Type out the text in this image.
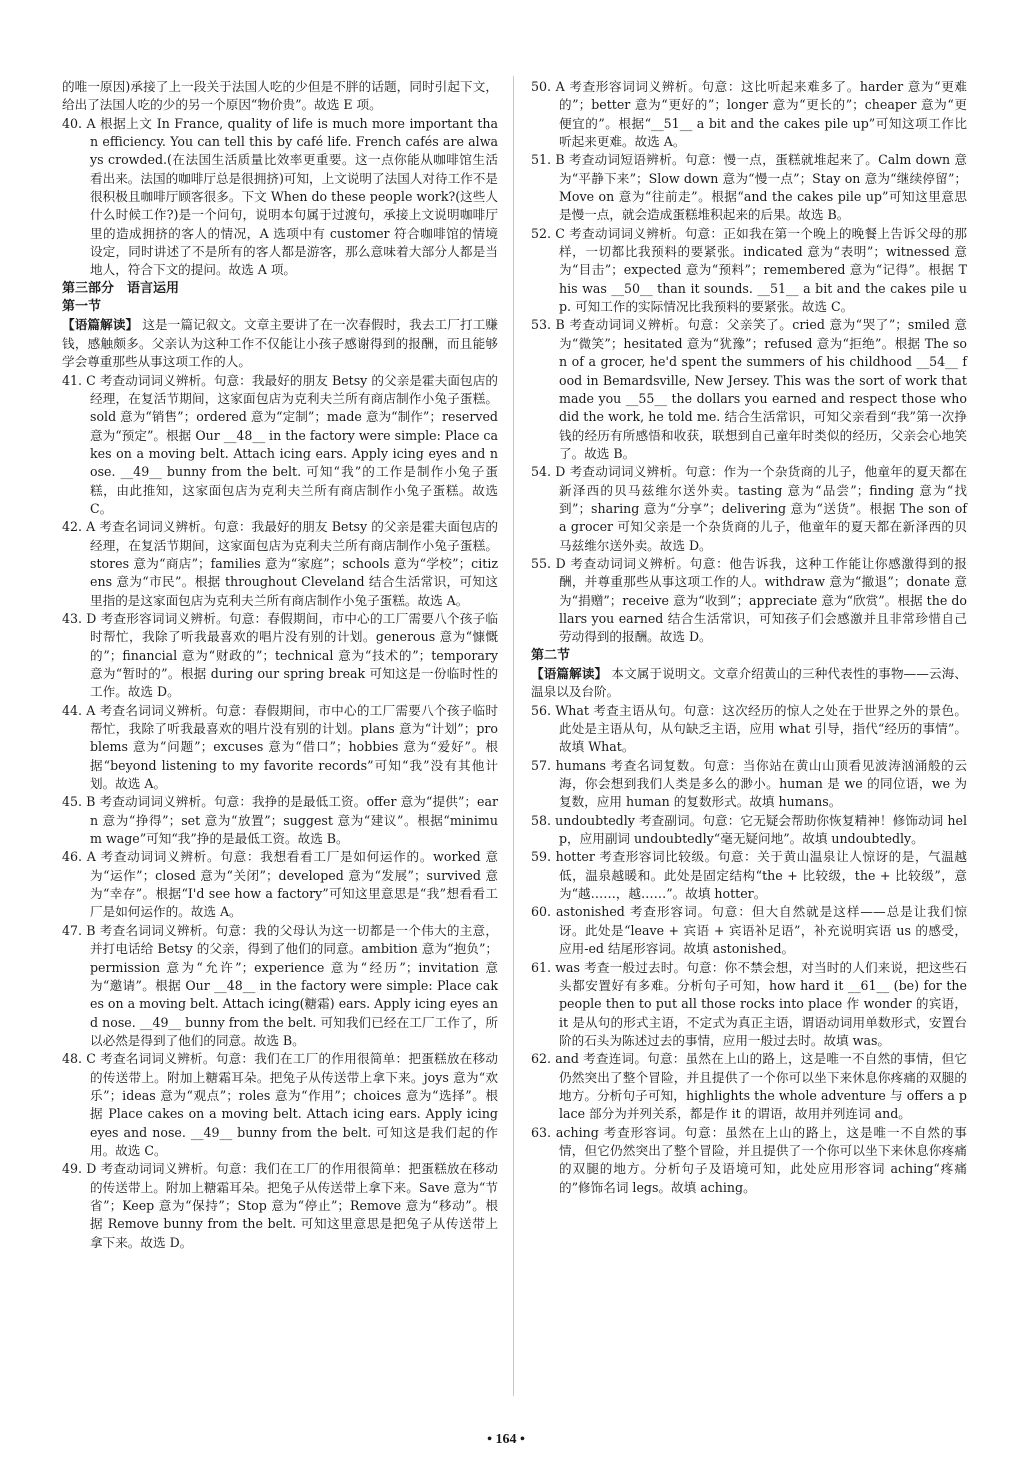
的唯一原因)承接了上一段关于法国人吃的少但是不胖的话题，同时引起下文，给出了法国人吃的少的另一个原因“物价贵”。故选 E 项。

40. A 根据上文 In France, quality of life is much more important than efficiency. You can tell this by café life. French cafés are always crowded.(在法国生活质量比效率更重要。这一点你能从咖啡馆生活看出来。法国的咖啡厅总是很拥挤)可知，上文说明了法国人对待工作不是很积极且咖啡厅顾客很多。下文 When do these people work?(这些人什么时候工作?)是一个问句，说明本句属于过渡句，承接上文说明咖啡厅里的造成拥挤的客人的情况，A 选项中有 customer 符合咖啡馆的情境设定，同时讲述了不是所有的客人都是游客，那么意味着大部分人都是当地人，符合下文的提问。故选 A 项。

第三部分　语言运用

第一节

【语篇解读】 这是一篇记叙文。文章主要讲了在一次春假时，我去工厂打工赚钱，感触颇多。父亲认为这种工作不仅能让小孩子感谢得到的报酬，而且能够学会尊重那些从事这项工作的人。

41. C 考查动词词义辨析。句意：我最好的朋友 Betsy 的父亲是霍夫面包店的经理，在复活节期间，这家面包店为克利夫兰所有商店制作小兔子蛋糕。sold 意为“销售”；ordered 意为“定制”；made 意为“制作”；reserved 意为“预定”。根据 Our __48__ in the factory were simple: Place cakes on a moving belt. Attach icing ears. Apply icing eyes and nose. __49__ bunny from the belt. 可知“我”的工作是制作小兔子蛋糕，由此推知，这家面包店为克利夫兰所有商店制作小兔子蛋糕。故选 C。

42. A 考查名词词义辨析。句意：我最好的朋友 Betsy 的父亲是霍夫面包店的经理，在复活节期间，这家面包店为克利夫兰所有商店制作小兔子蛋糕。stores 意为“商店”；families 意为“家庭”；schools 意为“学校”；citizens 意为“市民”。根据 throughout Cleveland 结合生活常识，可知这里指的是这家面包店为克利夫兰所有商店制作小兔子蛋糕。故选 A。

43. D 考查形容词词义辨析。句意：春假期间，市中心的工厂需要八个孩子临时帮忙，我除了听我最喜欢的唱片没有别的计划。generous 意为“慷慨的”；financial 意为“财政的”；technical 意为“技术的”；temporary 意为“暂时的”。根据 during our spring break 可知这是一份临时性的工作。故选 D。

44. A 考查名词词义辨析。句意：春假期间，市中心的工厂需要八个孩子临时帮忙，我除了听我最喜欢的唱片没有别的计划。plans 意为“计划”；problems 意为“问题”；excuses 意为“借口”；hobbies 意为“爱好”。根据“beyond listening to my favorite records”可知“我”没有其他计划。故选 A。

45. B 考查动词词义辨析。句意：我挣的是最低工资。offer 意为“提供”；earn 意为“挣得”；set 意为“放置”；suggest 意为“建议”。根据“minimum wage”可知“我”挣的是最低工资。故选 B。

46. A 考查动词词义辨析。句意：我想看看工厂是如何运作的。worked 意为“运作”；closed 意为“关闭”；developed 意为“发展”；survived 意为“幸存”。根据“I'd see how a factory”可知这里意思是“我”想看看工厂是如何运作的。故选 A。

47. B 考查名词词义辨析。句意：我的父母认为这一切都是一个伟大的主意，并打电话给 Betsy 的父亲，得到了他们的同意。ambition 意为“抱负”；permission 意为“允许”；experience 意为“经历”；invitation 意为“邀请”。根据 Our __48__ in the factory were simple: Place cakes on a moving belt. Attach icing(糖霜) ears. Apply icing eyes and nose. __49__ bunny from the belt. 可知我们已经在工厂工作了，所以必然是得到了他们的同意。故选 B。

48. C 考查名词词义辨析。句意：我们在工厂的作用很简单：把蛋糕放在移动的传送带上。附加上糖霜耳朵。把兔子从传送带上拿下来。joys 意为“欢乐”；ideas 意为“观点”；roles 意为“作用”；choices 意为“选择”。根据 Place cakes on a moving belt. Attach icing ears. Apply icing eyes and nose. __49__ bunny from the belt. 可知这是我们起的作用。故选 C。

49. D 考查动词词义辨析。句意：我们在工厂的作用很简单：把蛋糕放在移动的传送带上。附加上糖霜耳朵。把兔子从传送带上拿下来。Save 意为“节省”；Keep 意为“保持”；Stop 意为“停止”；Remove 意为“移动”。根据 Remove bunny from the belt. 可知这里意思是把兔子从传送带上拿下来。故选 D。

50. A 考查形容词词义辨析。句意：这比听起来难多了。harder 意为“更难的”；better 意为“更好的”；longer 意为“更长的”；cheaper 意为“更便宜的”。根据“__51__ a bit and the cakes pile up”可知这项工作比听起来更难。故选 A。

51. B 考查动词短语辨析。句意：慢一点，蛋糕就堆起来了。Calm down 意为“平静下来”；Slow down 意为“慢一点”；Stay on 意为“继续停留”；Move on 意为“往前走”。根据“and the cakes pile up”可知这里意思是慢一点，就会造成蛋糕堆积起来的后果。故选 B。

52. C 考查动词词义辨析。句意：正如我在第一个晚上的晚餐上告诉父母的那样，一切都比我预料的要紧张。indicated 意为“表明”；witnessed 意为“目击”；expected 意为“预料”；remembered 意为“记得”。根据 This was __50__ than it sounds. __51__ a bit and the cakes pile up. 可知工作的实际情况比我预料的要紧张。故选 C。

53. B 考查动词词义辨析。句意：父亲笑了。cried 意为“哭了”；smiled 意为“微笑”；hesitated 意为“犹豫”；refused 意为“拒绝”。根据 The son of a grocer, he'd spent the summers of his childhood __54__ food in Bemardsville, New Jersey. This was the sort of work that made you __55__ the dollars you earned and respect those who did the work, he told me. 结合生活常识，可知父亲看到“我”第一次挣钱的经历有所感悟和收获，联想到自己童年时类似的经历，父亲会心地笑了。故选 B。

54. D 考查动词词义辨析。句意：作为一个杂货商的儿子，他童年的夏天都在新泽西的贝马兹维尔送外卖。tasting 意为“品尝”；finding 意为“找到”；sharing 意为“分享”；delivering 意为“送货”。根据 The son of a grocer 可知父亲是一个杂货商的儿子，他童年的夏天都在新泽西的贝马兹维尔送外卖。故选 D。

55. D 考查动词词义辨析。句意：他告诉我，这种工作能让你感激得到的报酬，并尊重那些从事这项工作的人。withdraw 意为“撤退”；donate 意为“捐赠”；receive 意为“收到”；appreciate 意为“欣赏”。根据 the dollars you earned 结合生活常识，可知孩子们会感激并且非常珍惜自己劳动得到的报酬。故选 D。

第二节

【语篇解读】 本文属于说明文。文章介绍黄山的三种代表性的事物——云海、温泉以及台阶。

56. What 考查主语从句。句意：这次经历的惊人之处在于世界之外的景色。此处是主语从句，从句缺乏主语，应用 what 引导，指代“经历的事情”。故填 What。

57. humans 考查名词复数。句意：当你站在黄山山顶看见波涛汹涌般的云海，你会想到我们人类是多么的渺小。human 是 we 的同位语，we 为复数，应用 human 的复数形式。故填 humans。

58. undoubtedly 考查副词。句意：它无疑会帮助你恢复精神！修饰动词 help，应用副词 undoubtedly“毫无疑问地”。故填 undoubtedly。

59. hotter 考查形容词比较级。句意：关于黄山温泉让人惊讶的是，气温越低，温泉越暖和。此处是固定结构“the + 比较级，the + 比较级”，意为“越……，越……”。故填 hotter。

60. astonished 考查形容词。句意：但大自然就是这样——总是让我们惊讶。此处是“leave + 宾语 + 宾语补足语”，补充说明宾语 us 的感受，应用-ed 结尾形容词。故填 astonished。

61. was 考查一般过去时。句意：你不禁会想，对当时的人们来说，把这些石头都安置好有多难。分析句子可知，how hard it __61__ (be) for the people then to put all those rocks into place 作 wonder 的宾语，it 是从句的形式主语，不定式为真正主语，谓语动词用单数形式，安置台阶的石头为陈述过去的事情，应用一般过去时。故填 was。

62. and 考查连词。句意：虽然在上山的路上，这是唯一不自然的事情，但它仍然突出了整个冒险，并且提供了一个你可以坐下来休息你疼痛的双腿的地方。分析句子可知，highlights the whole adventure 与 offers a place 部分为并列关系，都是作 it 的谓语，故用并列连词 and。

63. aching 考查形容词。句意：虽然在上山的路上，这是唯一不自然的事情，但它仍然突出了整个冒险，并且提供了一个你可以坐下来休息你疼痛的双腿的地方。分析句子及语境可知，此处应用形容词 aching“疼痛的”修饰名词 legs。故填 aching。

• 164 •
